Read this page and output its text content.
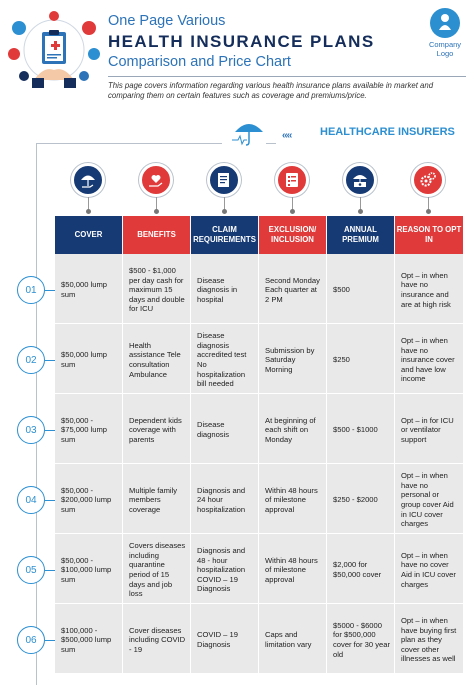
One Page Various
HEALTH INSURANCE PLANS
Comparison and Price Chart
Company Logo
This page covers information regarding various health insurance plans available in market and comparing them on certain features such as coverage and premiums/price.
‹‹‹‹	HEALTHCARE INSURERS
COVER	BENEFITS
CLAIM REQUIREMENTS
EXCLUSION/ INCLUSION
ANNUAL PREMIUM
REASON TO OPT IN
$50,000 lump sum
$500 - $1,000 per day cash for maximum 15 days and double for ICU
Disease diagnosis in hospital
Second Monday Each quarter at 2 PM
$500
Opt – in when have no insurance and are at high risk
$50,000 lump sum
Health assistance Tele consultation Ambulance
Disease diagnosis accredited test No hospitalization bill needed
Submission by Saturday Morning
$250
Opt – in when have no insurance cover and have low income
$50,000 - $75,000 lump sum
Dependent kids coverage with parents
Disease diagnosis
At beginning of each shift on Monday
$500 - $1000
Opt – in for ICU or ventilator support
$50,000 - $200,000 lump sum
Multiple family members coverage
Diagnosis and 24 hour hospitalization
Within 48 hours of milestone approval
$250 - $2000
Opt – in when have no personal or group cover Aid in ICU cover charges
$50,000 - $100,000 lump sum
Covers diseases including quarantine period of 15 days and job loss
Diagnosis and 48 - hour hospitalization COVID – 19 Diagnosis
Within 48 hours of milestone approval
$2,000 for $50,000 cover
Opt – in when have no cover Aid in ICU cover charges
$100,000 - $500,000 lump sum
Cover diseases including COVID - 19
COVID – 19 Diagnosis
Caps and limitation vary
$5000 - $6000 for $500,000 cover for 30 year old
Opt – in when have buying first plan as they cover other illnesses as well
01
02
03
04
05
06
